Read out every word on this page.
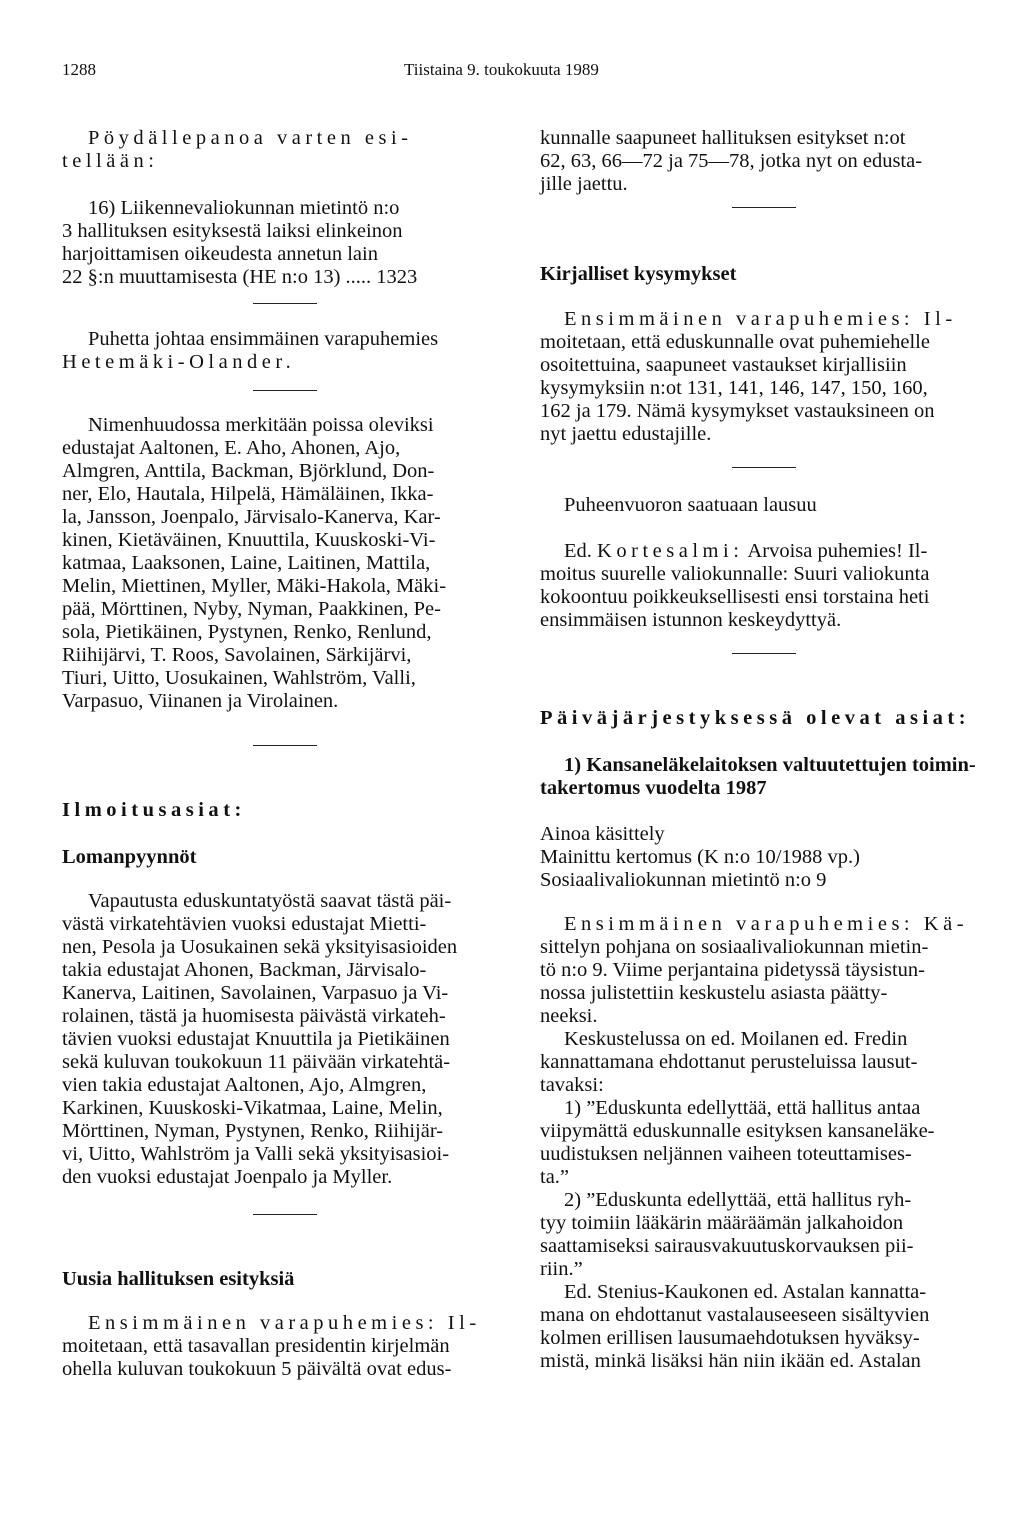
1288	Tiistaina 9. toukokuuta 1989
Pöydällepanoa varten esi-
tellään:
16) Liikennevaliokunnan mietintö n:o
3 hallituksen esityksestä laiksi elinkeinon
harjoittamisen oikeudesta annetun lain
22 §:n muuttamisesta (HE n:o 13) ..... 1323
Puhetta johtaa ensimmäinen varapuhemies
Hetemäki-Olander.
Nimenhuudossa merkitään poissa oleviksi
edustajat Aaltonen, E. Aho, Ahonen, Ajo,
Almgren, Anttila, Backman, Björklund, Don-
ner, Elo, Hautala, Hilpelä, Hämäläinen, Ikka-
la, Jansson, Joenpalo, Järvisalo-Kanerva, Kar-
kinen, Kietäväinen, Knuuttila, Kuuskoski-Vi-
katmaa, Laaksonen, Laine, Laitinen, Mattila,
Melin, Miettinen, Myller, Mäki-Hakola, Mäki-
pää, Mörttinen, Nyby, Nyman, Paakkinen, Pe-
sola, Pietikäinen, Pystynen, Renko, Renlund,
Riihijärvi, T. Roos, Savolainen, Särkijärvi,
Tiuri, Uitto, Uosukainen, Wahlström, Valli,
Varpasuo, Viinanen ja Virolainen.
Ilmoitusasiat:
Lomanpyynnöt
Vapautusta eduskuntatyöstä saavat tästä päi-
västä virkatehtävien vuoksi edustajat Mietti-
nen, Pesola ja Uosukainen sekä yksityisasioiden
takia edustajat Ahonen, Backman, Järvisalo-
Kanerva, Laitinen, Savolainen, Varpasuo ja Vi-
rolainen, tästä ja huomisesta päivästä virkateh-
tävien vuoksi edustajat Knuuttila ja Pietikäinen
sekä kuluvan toukokuun 11 päivään virkatehtä-
vien takia edustajat Aaltonen, Ajo, Almgren,
Karkinen, Kuuskoski-Vikatmaa, Laine, Melin,
Mörttinen, Nyman, Pystynen, Renko, Riihijär-
vi, Uitto, Wahlström ja Valli sekä yksityisasioi-
den vuoksi edustajat Joenpalo ja Myller.
Uusia hallituksen esityksiä
Ensimmäinen varapuhemies: Il-
moitetaan, että tasavallan presidentin kirjelmän
ohella kuluvan toukokuun 5 päivältä ovat edus-
kunnalle saapuneet hallituksen esitykset n:ot
62, 63, 66—72 ja 75—78, jotka nyt on edusta-
jille jaettu.
Kirjalliset kysymykset
Ensimmäinen varapuhemies: Il-
moitetaan, että eduskunnalle ovat puhemiehelle
osoitettuina, saapuneet vastaukset kirjallisiin
kysymyksiin n:ot 131, 141, 146, 147, 150, 160,
162 ja 179. Nämä kysymykset vastauksineen on
nyt jaettu edustajille.
Puheenvuoron saatuaan lausuu
Ed. Kortesalmi: Arvoisa puhemies! Il-
moitus suurelle valiokunnalle: Suuri valiokunta
kokoontuu poikkeuksellisesti ensi torstaina heti
ensimmäisen istunnon keskeydyttyä.
Päiväjärjestyksessä olevat asiat:
1) Kansaneläkelaitoksen valtuutettujen toimin-
takertomus vuodelta 1987
Ainoa käsittely
Mainittu kertomus (K n:o 10/1988 vp.)
Sosiaalivaliokunnan mietintö n:o 9
Ensimmäinen varapuhemies: Kä-
sittelyn pohjana on sosiaalivaliokunnan mietin-
tö n:o 9. Viime perjantaina pidetyssä täysistun-
nossa julistettiin keskustelu asiasta päätty-
neeksi.
Keskustelussa on ed. Moilanen ed. Fredin
kannattamana ehdottanut perusteluissa lausut-
tavaksi:
1) ”Eduskunta edellyttää, että hallitus antaa
viipymättä eduskunnalle esityksen kansaneläke-
uudistuksen neljännen vaiheen toteuttamises-
ta.”
2) ”Eduskunta edellyttää, että hallitus ryh-
tyy toimiin lääkärin määräämän jalkahoidon
saattamiseksi sairausvakuutuskorvauksen pii-
riin.”
Ed. Stenius-Kaukonen ed. Astalan kannatta-
mana on ehdottanut vastalauseeseen sisältyvien
kolmen erillisen lausumaehdotuksen hyväksy-
mistä, minkä lisäksi hän niin ikään ed. Astalan
